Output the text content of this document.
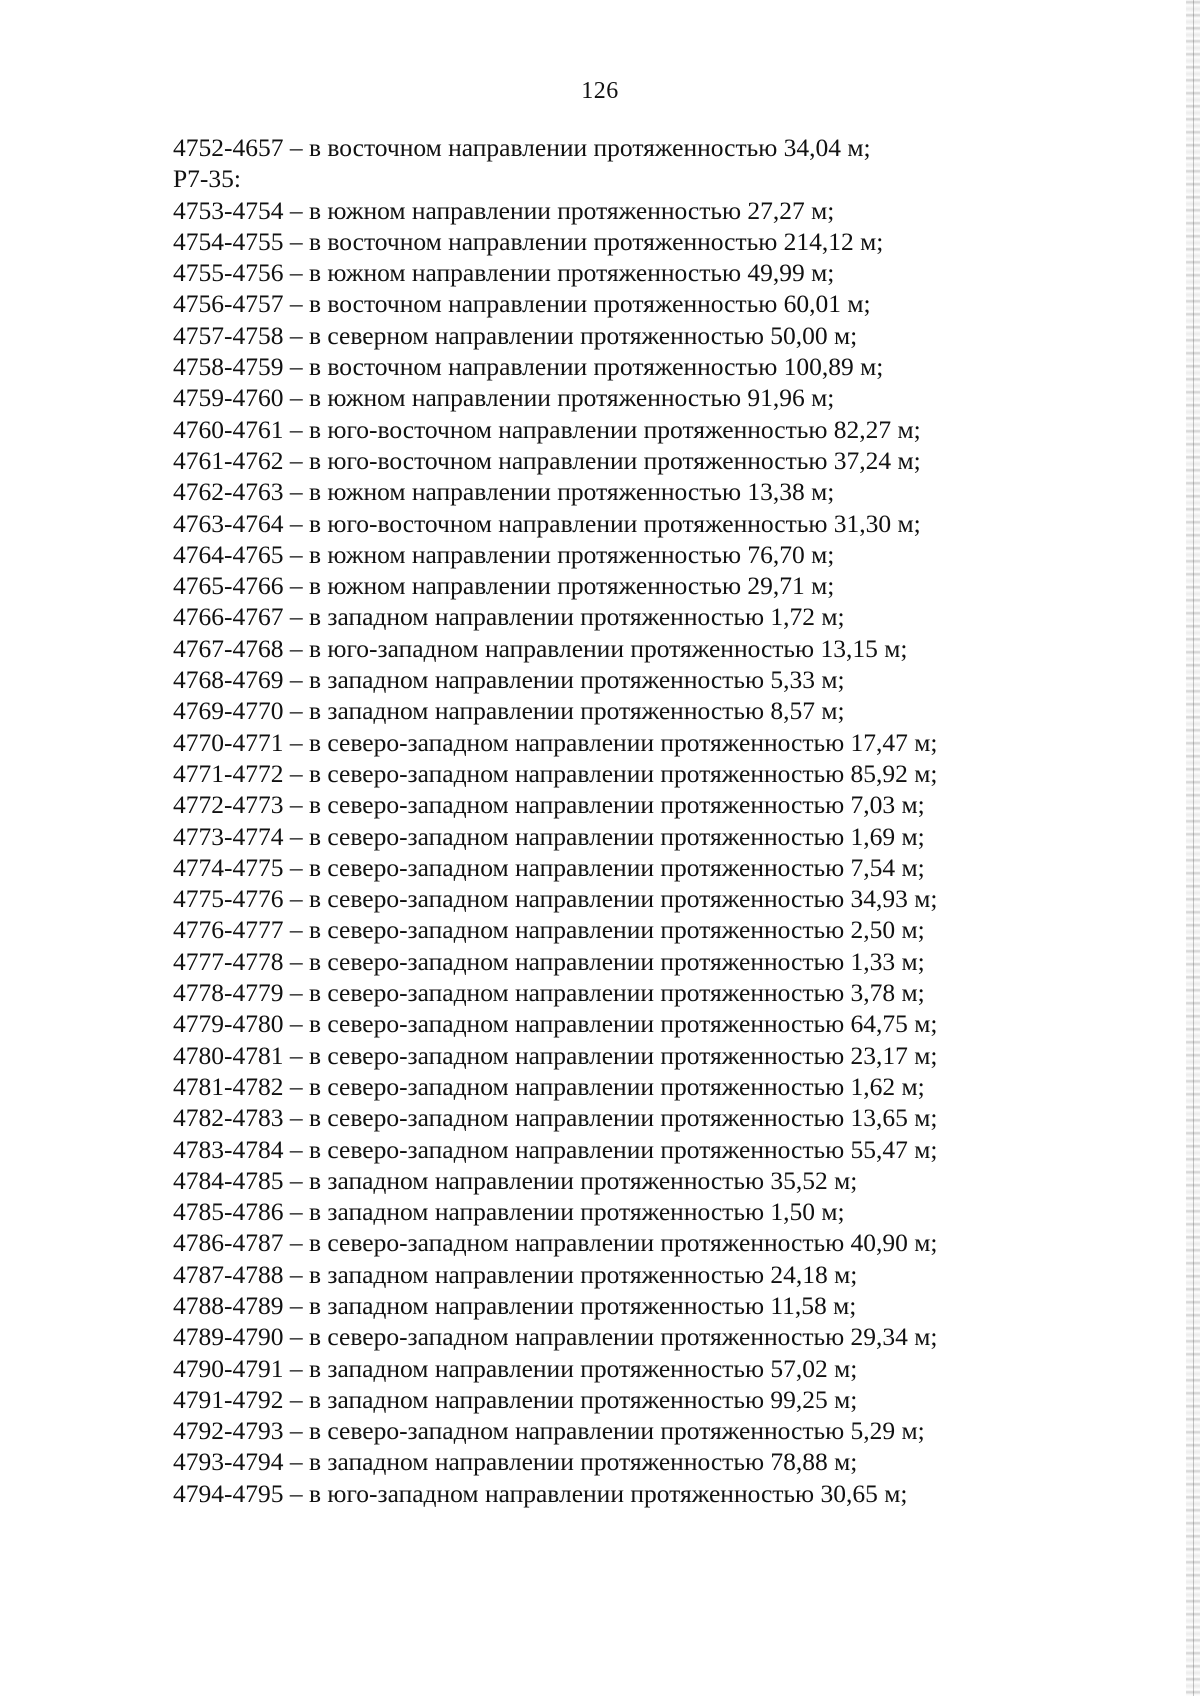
126
4752-4657 – в восточном направлении протяженностью 34,04 м;
Р7-35:
4753-4754 – в южном направлении протяженностью 27,27 м;
4754-4755 – в восточном направлении протяженностью 214,12 м;
4755-4756 – в южном направлении протяженностью 49,99 м;
4756-4757 – в восточном направлении протяженностью 60,01 м;
4757-4758 – в северном направлении протяженностью 50,00 м;
4758-4759 – в восточном направлении протяженностью 100,89 м;
4759-4760 – в южном направлении протяженностью 91,96 м;
4760-4761 – в юго-восточном направлении протяженностью 82,27 м;
4761-4762 – в юго-восточном направлении протяженностью 37,24 м;
4762-4763 – в южном направлении протяженностью 13,38 м;
4763-4764 – в юго-восточном направлении протяженностью 31,30 м;
4764-4765 – в южном направлении протяженностью 76,70 м;
4765-4766 – в южном направлении протяженностью 29,71 м;
4766-4767 – в западном направлении протяженностью 1,72 м;
4767-4768 – в юго-западном направлении протяженностью 13,15 м;
4768-4769 – в западном направлении протяженностью 5,33 м;
4769-4770 – в западном направлении протяженностью 8,57 м;
4770-4771 – в северо-западном направлении протяженностью 17,47 м;
4771-4772 – в северо-западном направлении протяженностью 85,92 м;
4772-4773 – в северо-западном направлении протяженностью 7,03 м;
4773-4774 – в северо-западном направлении протяженностью 1,69 м;
4774-4775 – в северо-западном направлении протяженностью 7,54 м;
4775-4776 – в северо-западном направлении протяженностью 34,93 м;
4776-4777 – в северо-западном направлении протяженностью 2,50 м;
4777-4778 – в северо-западном направлении протяженностью 1,33 м;
4778-4779 – в северо-западном направлении протяженностью 3,78 м;
4779-4780 – в северо-западном направлении протяженностью 64,75 м;
4780-4781 – в северо-западном направлении протяженностью 23,17 м;
4781-4782 – в северо-западном направлении протяженностью 1,62 м;
4782-4783 – в северо-западном направлении протяженностью 13,65 м;
4783-4784 – в северо-западном направлении протяженностью 55,47 м;
4784-4785 – в западном направлении протяженностью 35,52 м;
4785-4786 – в западном направлении протяженностью 1,50 м;
4786-4787 – в северо-западном направлении протяженностью 40,90 м;
4787-4788 – в западном направлении протяженностью 24,18 м;
4788-4789 – в западном направлении протяженностью 11,58 м;
4789-4790 – в северо-западном направлении протяженностью 29,34 м;
4790-4791 – в западном направлении протяженностью 57,02 м;
4791-4792 – в западном направлении протяженностью 99,25 м;
4792-4793 – в северо-западном направлении протяженностью 5,29 м;
4793-4794 – в западном направлении протяженностью 78,88 м;
4794-4795 – в юго-западном направлении протяженностью 30,65 м;
